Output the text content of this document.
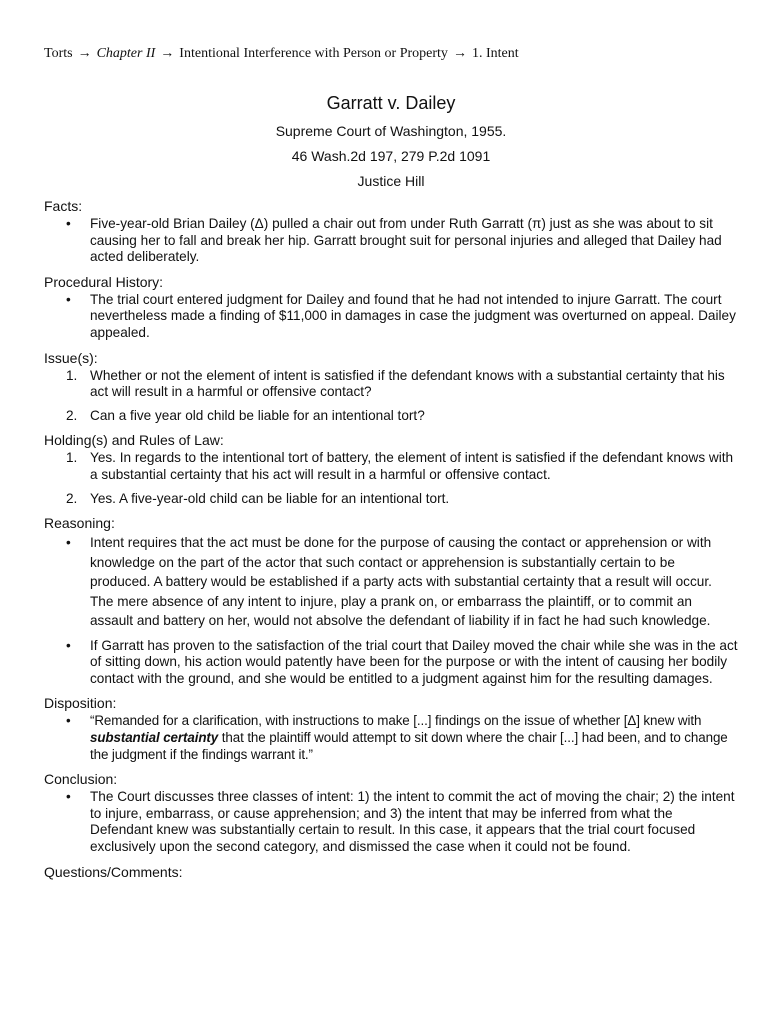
Torts → Chapter II → Intentional Interference with Person or Property → 1. Intent
Garratt v. Dailey

Supreme Court of Washington, 1955.

46 Wash.2d 197, 279 P.2d 1091

Justice Hill

Facts:
• Five-year-old Brian Dailey (Δ) pulled a chair out from under Ruth Garratt (π) just as she was about to sit causing her to fall and break her hip. Garratt brought suit for personal injuries and alleged that Dailey had acted deliberately.
Procedural History:
• The trial court entered judgment for Dailey and found that he had not intended to injure Garratt. The court nevertheless made a finding of $11,000 in damages in case the judgment was overturned on appeal. Dailey appealed.
Issue(s):
1. Whether or not the element of intent is satisfied if the defendant knows with a substantial certainty that his act will result in a harmful or offensive contact?
2. Can a five year old child be liable for an intentional tort?
Holding(s) and Rules of Law:
1. Yes. In regards to the intentional tort of battery, the element of intent is satisfied if the defendant knows with a substantial certainty that his act will result in a harmful or offensive contact.
2. Yes. A five-year-old child can be liable for an intentional tort.
Reasoning:
• Intent requires that the act must be done for the purpose of causing the contact or apprehension or with knowledge on the part of the actor that such contact or apprehension is substantially certain to be produced. A battery would be established if a party acts with substantial certainty that a result will occur. The mere absence of any intent to injure, play a prank on, or embarrass the plaintiff, or to commit an assault and battery on her, would not absolve the defendant of liability if in fact he had such knowledge.
• If Garratt has proven to the satisfaction of the trial court that Dailey moved the chair while she was in the act of sitting down, his action would patently have been for the purpose or with the intent of causing her bodily contact with the ground, and she would be entitled to a judgment against him for the resulting damages.
Disposition:
• “Remanded for a clarification, with instructions to make [...] findings on the issue of whether [Δ] knew with substantial certainty that the plaintiff would attempt to sit down where the chair [...] had been, and to change the judgment if the findings warrant it.”
Conclusion:
• The Court discusses three classes of intent: 1) the intent to commit the act of moving the chair; 2) the intent to injure, embarrass, or cause apprehension; and 3) the intent that may be inferred from what the Defendant knew was substantially certain to result. In this case, it appears that the trial court focused exclusively upon the second category, and dismissed the case when it could not be found.
Questions/Comments:
